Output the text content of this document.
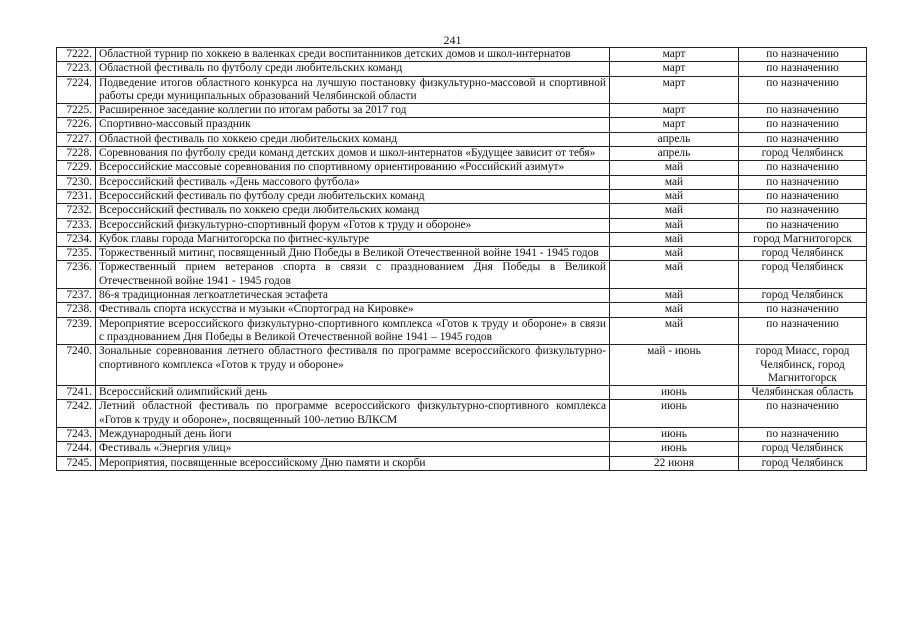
241
7222.	Областной турнир по хоккею в валенках среди воспитанников детских домов и школ-интернатов	март	по назначению
7223.	Областной фестиваль по футболу среди любительских команд	март	по назначению
7224.	Подведение итогов областного конкурса на лучшую постановку физкультурно-массовой и спортивной работы среди муниципальных образований Челябинской области	март	по назначению
7225.	Расширенное заседание коллегии по итогам работы за 2017 год	март	по назначению
7226.	Спортивно-массовый праздник	март	по назначению
7227.	Областной фестиваль по хоккею среди любительских команд	апрель	по назначению
7228.	Соревнования по футболу среди команд детских домов и школ-интернатов «Будущее зависит от тебя»	апрель	город Челябинск
7229.	Всероссийские массовые соревнования по спортивному ориентированию «Российский азимут»	май	по назначению
7230.	Всероссийский фестиваль «День массового футбола»	май	по назначению
7231.	Всероссийский фестиваль по футболу среди любительских команд	май	по назначению
7232.	Всероссийский фестиваль по хоккею среди любительских команд	май	по назначению
7233.	Всероссийский физкультурно-спортивный форум «Готов к труду и обороне»	май	по назначению
7234.	Кубок главы города Магнитогорска по фитнес-культуре	май	город Магнитогорск
7235.	Торжественный митинг, посвященный Дню Победы в Великой Отечественной войне 1941 - 1945 годов	май	город Челябинск
7236.	Торжественный прием ветеранов спорта в связи с празднованием Дня Победы в Великой Отечественной войне 1941 - 1945 годов	май	город Челябинск
7237.	86-я традиционная легкоатлетическая эстафета	май	город Челябинск
7238.	Фестиваль спорта искусства и музыки «Спортоград на Кировке»	май	по назначению
7239.	Мероприятие всероссийского физкультурно-спортивного комплекса «Готов к труду и обороне» в связи с празднованием Дня Победы в Великой Отечественной войне 1941 – 1945 годов	май	по назначению
7240.	Зональные соревнования летнего областного фестиваля по программе всероссийского физкультурно-спортивного комплекса «Готов к труду и обороне»	май - июнь	город Миасс, город Челябинск, город Магнитогорск
7241.	Всероссийский олимпийский день	июнь	Челябинская область
7242.	Летний областной фестиваль по программе всероссийского физкультурно-спортивного комплекса «Готов к труду и обороне», посвященный 100-летию ВЛКСМ	июнь	по назначению
7243.	Международный день йоги	июнь	по назначению
7244.	Фестиваль «Энергия улиц»	июнь	город Челябинск
7245.	Мероприятия, посвященные всероссийскому Дню памяти и скорби	22 июня	город Челябинск
